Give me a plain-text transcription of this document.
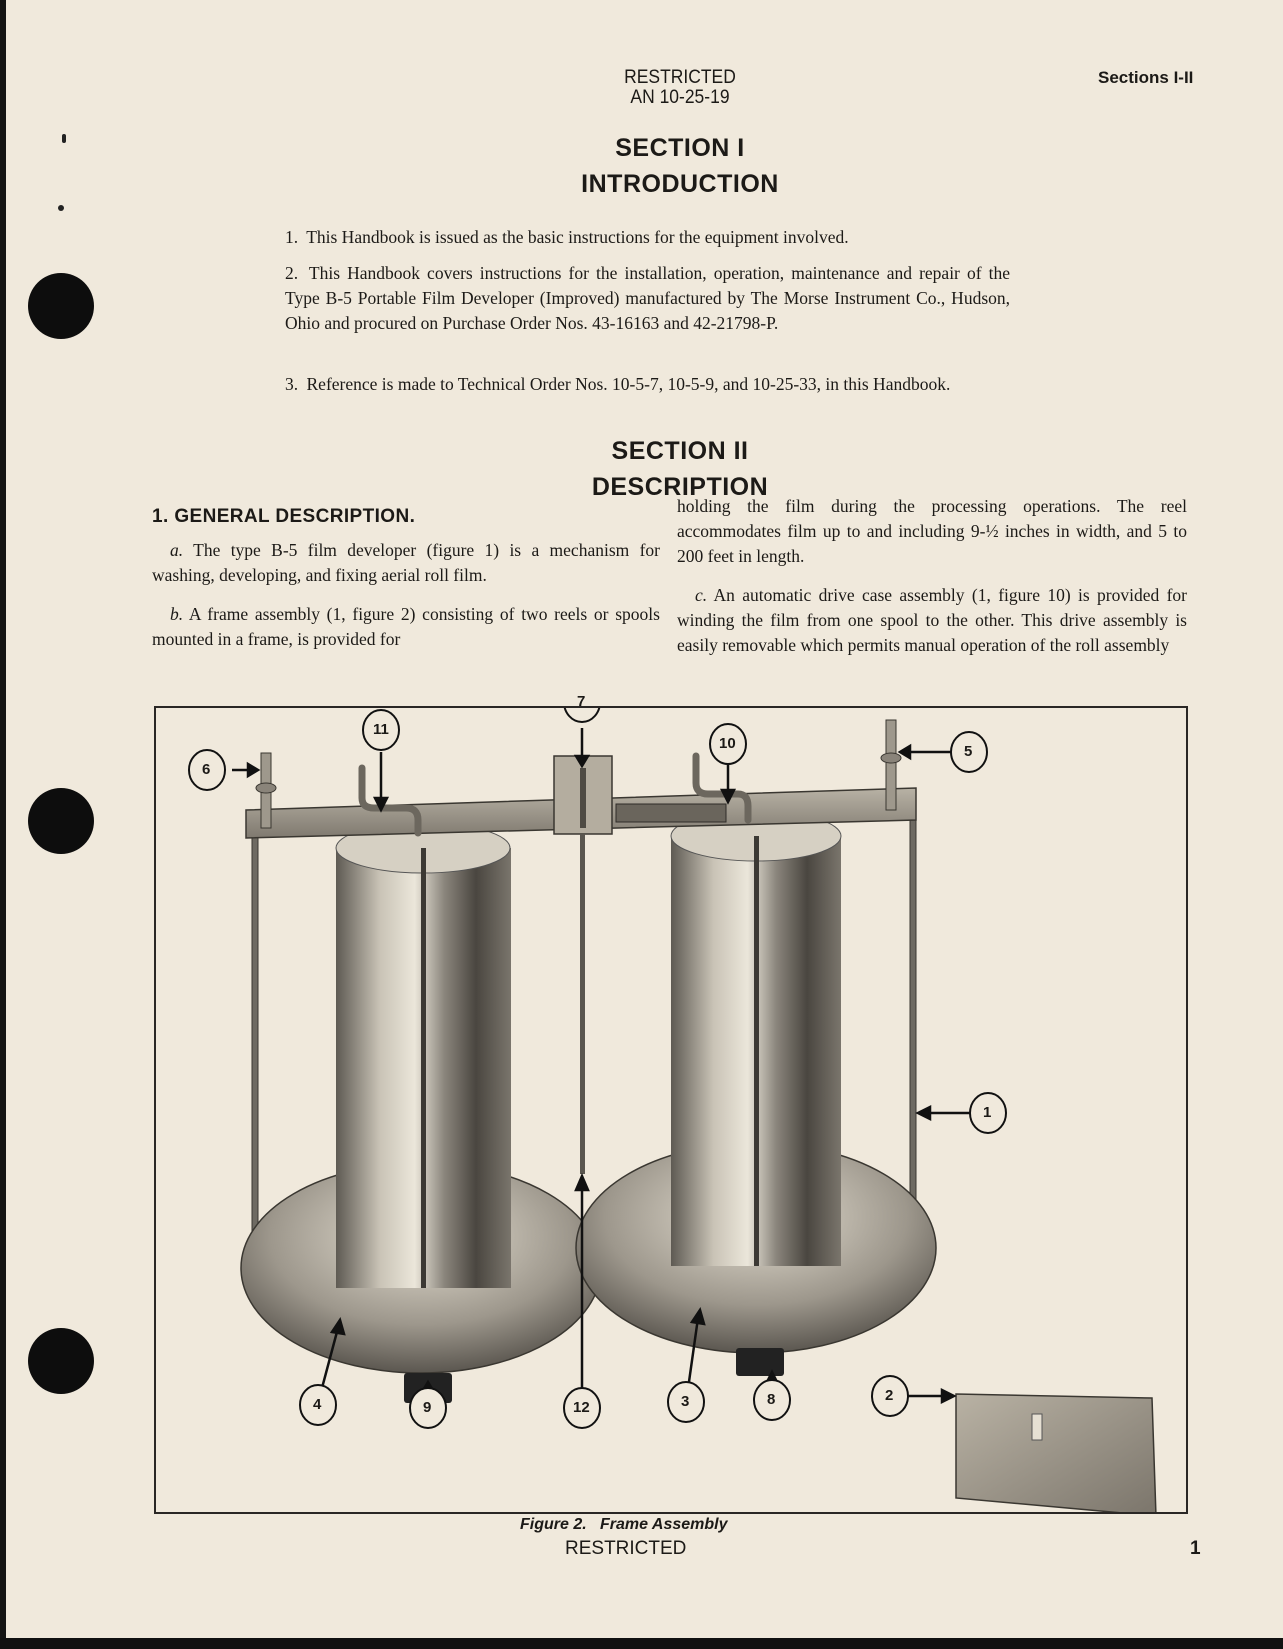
RESTRICTED
AN 10-25-19
Sections I-II
SECTION I
INTRODUCTION
1. This Handbook is issued as the basic instructions for the equipment involved.
2. This Handbook covers instructions for the installation, operation, maintenance and repair of the Type B-5 Portable Film Developer (Improved) manufactured by The Morse Instrument Co., Hudson, Ohio and procured on Purchase Order Nos. 43-16163 and 42-21798-P.
3. Reference is made to Technical Order Nos. 10-5-7, 10-5-9, and 10-25-33, in this Handbook.
SECTION II
DESCRIPTION
1. GENERAL DESCRIPTION.

a. The type B-5 film developer (figure 1) is a mechanism for washing, developing, and fixing aerial roll film.

b. A frame assembly (1, figure 2) consisting of two reels or spools mounted in a frame, is provided for

holding the film during the processing operations. The reel accommodates film up to and including 9-½ inches in width, and 5 to 200 feet in length.

c. An automatic drive case assembly (1, figure 10) is provided for winding the film from one spool to the other. This drive assembly is easily removable which permits manual operation of the roll assembly

1
2
3
4
5
6
7
8
9
10
11
12
Figure 2.   Frame Assembly
RESTRICTED	1
